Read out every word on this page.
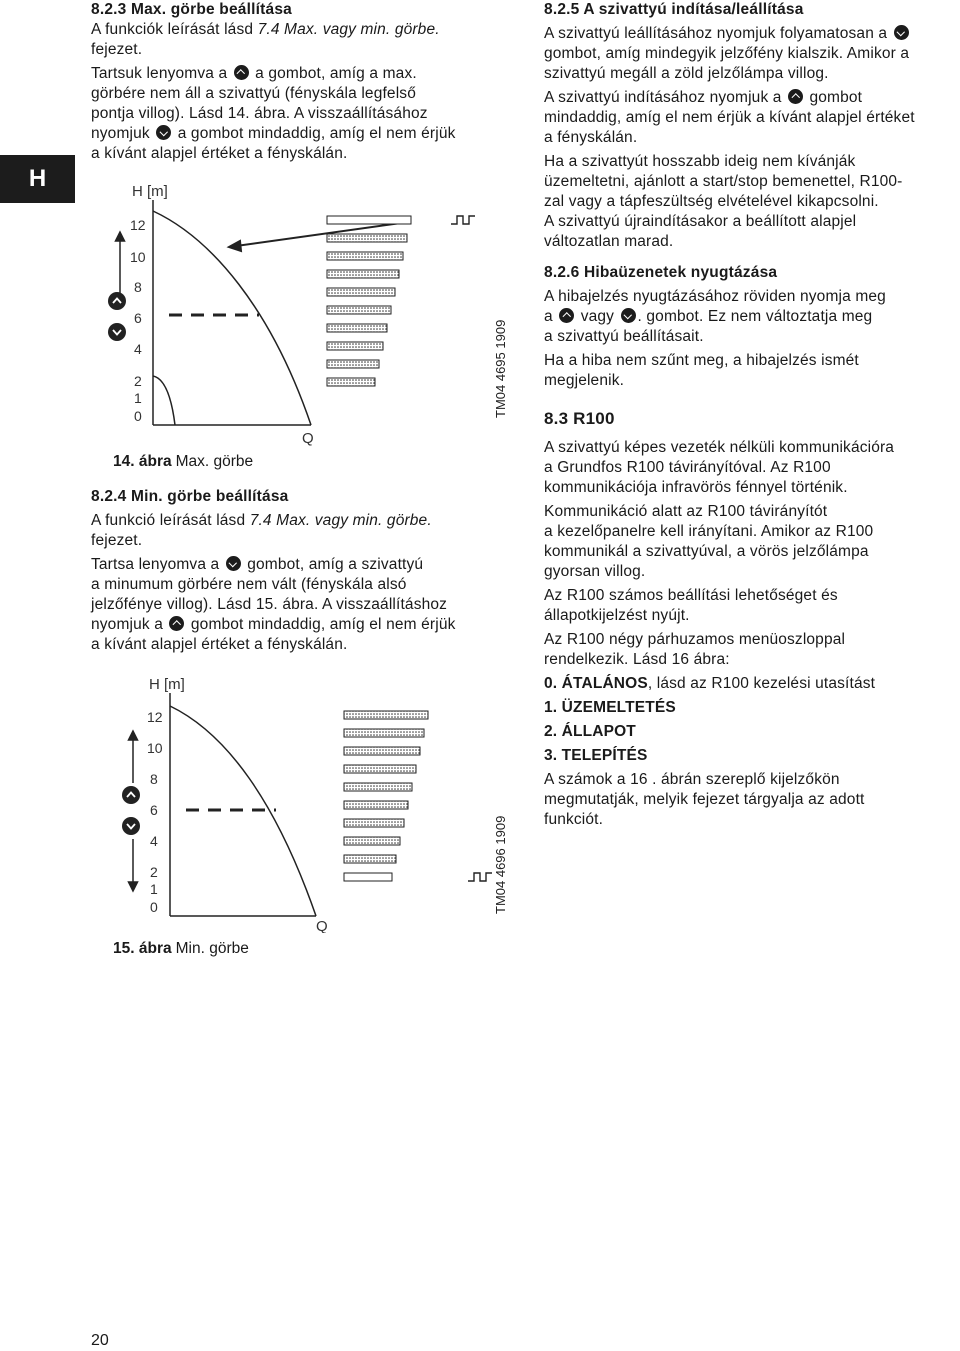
H
8.2.3 Max. görbe beállítása

A funkciók leírását lásd 7.4 Max. vagy min. görbe.

fejezet.

Tartsuk lenyomva a  a gombot, amíg a max.

görbére nem áll a szivattyú (fényskála legfelső

pontja villog). Lásd 14. ábra. A visszaállításához

nyomjuk  a gombot mindaddig, amíg el nem érjük

a kívánt alapjel értéket a fényskálán.

H [m]
12
10
8
6
4
2
1
0
Q
TM04 4695 1909
14. ábra Max. görbe
8.2.4 Min. görbe beállítása

A funkció leírását lásd 7.4 Max. vagy min. görbe.

fejezet.

Tartsa lenyomva a  gombot, amíg a szivattyú

a minumum görbére nem vált (fényskála alsó

jelzőfénye villog). Lásd 15. ábra. A visszaállításhoz

nyomjuk a  gombot mindaddig, amíg el nem érjük

a kívánt alapjel értéket a fényskálán.

H [m]
12
10
8
6
4
2
1
0
Q
TM04 4696 1909
15. ábra Min. görbe
8.2.5 A szivattyú indítása/leállítása

A szivattyú leállításához nyomjuk folyamatosan a

gombot, amíg mindegyik jelzőfény kialszik. Amikor a

szivattyú megáll a zöld jelzőlámpa villog.

A szivattyú indításához nyomjuk a  gombot

mindaddig, amíg el nem érjük a kívánt alapjel értéket

a fényskálán.

Ha a szivattyút hosszabb ideig nem kívánják

üzemeltetni, ajánlott a start/stop bemenettel, R100-

zal vagy a tápfeszültség elvételével kikapcsolni.

A szivattyú újraindításakor a beállított alapjel

változatlan marad.

8.2.6 Hibaüzenetek nyugtázása

A hibajelzés nyugtázásához röviden nyomja meg

a  vagy . gombot. Ez nem változtatja meg

a szivattyú beállításait.

Ha a hiba nem szűnt meg, a hibajelzés ismét

megjelenik.

8.3 R100

A szivattyú képes vezeték nélküli kommunikációra

a Grundfos R100 távirányítóval. Az R100

kommunikációja infravörös fénnyel történik.

Kommunikáció alatt az R100 távirányítót

a kezelőpanelre kell irányítani. Amikor az R100

kommunikál a szivattyúval, a vörös jelzőlámpa

gyorsan villog.

Az R100 számos beállítási lehetőséget és

állapotkijelzést nyújt.

Az R100 négy párhuzamos menüoszloppal

rendelkezik. Lásd 16 ábra:

0. ÁTALÁNOS, lásd az R100 kezelési utasítást

1. ÜZEMELTETÉS

2. ÁLLAPOT

3. TELEPÍTÉS

A számok a 16 . ábrán szereplő kijelzőkön

megmutatják, melyik fejezet tárgyalja az adott

funkciót.

20
